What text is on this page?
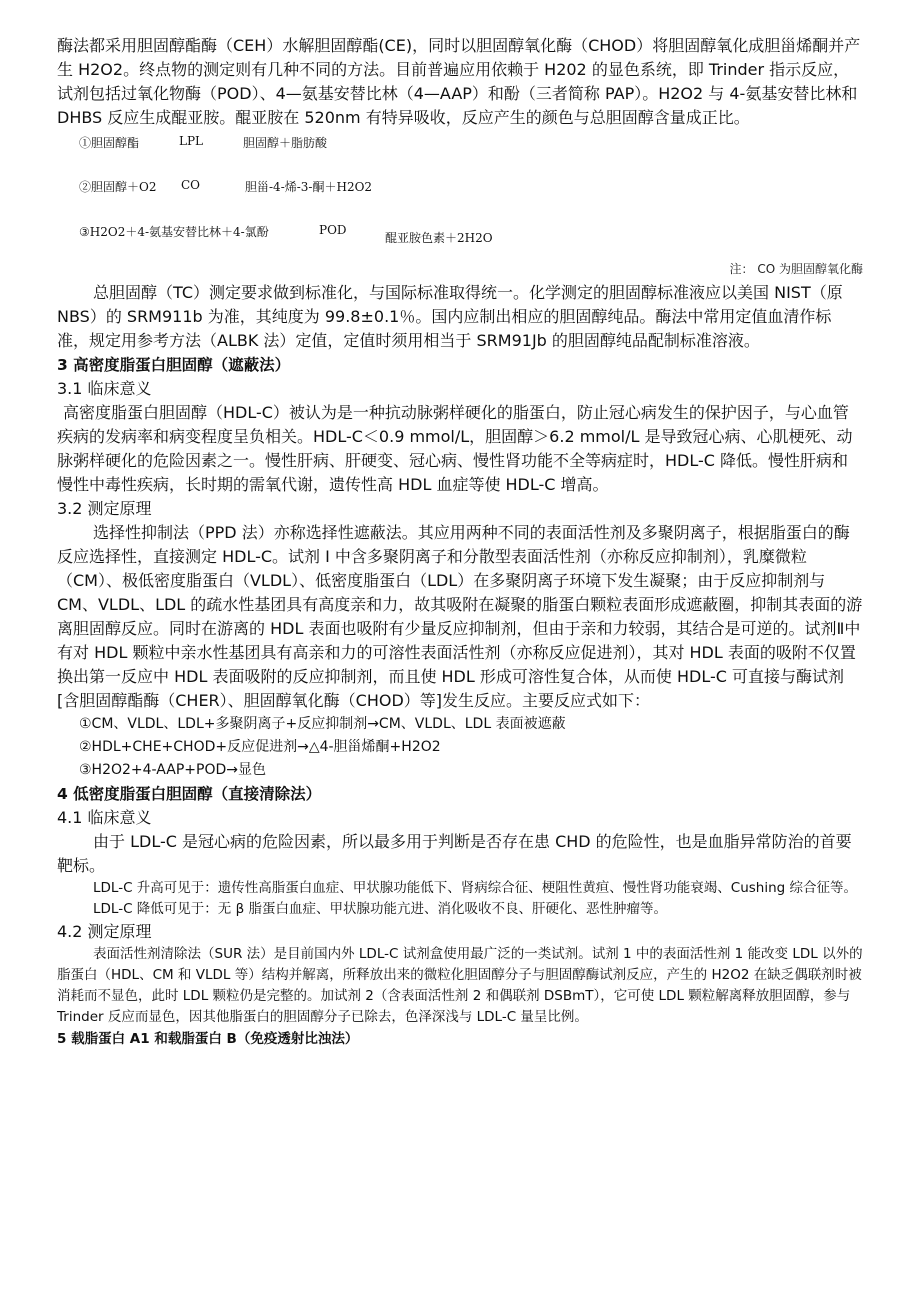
酶法都采用胆固醇酯酶（CEH）水解胆固醇酯(CE)，同时以胆固醇氧化酶（CHOD）将胆固醇氧化成胆甾烯酮并产生 H2O2。终点物的测定则有几种不同的方法。目前普遍应用依赖于 H202 的显色系统，即 Trinder 指示反应，试剂包括过氧化物酶（POD）、4—氨基安替比林（4—AAP）和酚（三者简称 PAP）。H2O2 与 4-氨基安替比林和 DHBS 反应生成醌亚胺。醌亚胺在 520nm 有特异吸收，反应产生的颜色与总胆固醇含量成正比。

①胆固醇酯	LPL	胆固醇＋脂肪酸
②胆固醇＋O2 CO	胆甾-4-烯-3-酮＋H2O2
③H2O2＋4-氨基安替比林＋4-氯酚	POD
醌亚胺色素＋2H2O
注： CO 为胆固醇氧化酶

总胆固醇（TC）测定要求做到标准化，与国际标准取得统一。化学测定的胆固醇标准液应以美国 NIST（原 NBS）的 SRM911b 为准，其纯度为 99.8±0.1％。国内应制出相应的胆固醇纯品。酶法中常用定值血清作标准，规定用参考方法（ALBK 法）定值，定值时须用相当于 SRM91Jb 的胆固醇纯品配制标准溶液。

3 高密度脂蛋白胆固醇（遮蔽法）
3.1 临床意义

高密度脂蛋白胆固醇（HDL-C）被认为是一种抗动脉粥样硬化的脂蛋白，防止冠心病发生的保护因子，与心血管疾病的发病率和病变程度呈负相关。HDL-C＜0.9 mmol/L，胆固醇＞6.2 mmol/L 是导致冠心病、心肌梗死、动脉粥样硬化的危险因素之一。慢性肝病、肝硬变、冠心病、慢性肾功能不全等病症时，HDL-C 降低。慢性肝病和慢性中毒性疾病，长时期的需氧代谢，遗传性高 HDL 血症等使 HDL-C 增高。

3.2 测定原理

选择性抑制法（PPD 法）亦称选择性遮蔽法。其应用两种不同的表面活性剂及多聚阴离子，根据脂蛋白的酶反应选择性，直接测定 HDL-C。试剂 I 中含多聚阴离子和分散型表面活性剂（亦称反应抑制剂），乳糜微粒（CM）、极低密度脂蛋白（VLDL）、低密度脂蛋白（LDL）在多聚阴离子环境下发生凝聚；由于反应抑制剂与 CM、VLDL、LDL 的疏水性基团具有高度亲和力，故其吸附在凝聚的脂蛋白颗粒表面形成遮蔽圈，抑制其表面的游离胆固醇反应。同时在游离的 HDL 表面也吸附有少量反应抑制剂，但由于亲和力较弱，其结合是可逆的。试剂Ⅱ中有对 HDL 颗粒中亲水性基团具有高亲和力的可溶性表面活性剂（亦称反应促进剂），其对 HDL 表面的吸附不仅置换出第一反应中 HDL 表面吸附的反应抑制剂，而且使 HDL 形成可溶性复合体，从而使 HDL-C 可直接与酶试剂[含胆固醇酯酶（CHER）、胆固醇氧化酶（CHOD）等]发生反应。主要反应式如下：

①CM、VLDL、LDL+多聚阴离子+反应抑制剂→CM、VLDL、LDL 表面被遮蔽
②HDL+CHE+CHOD+反应促进剂→△4-胆甾烯酮+H2O2
③H2O2+4-AAP+POD→显色
4 低密度脂蛋白胆固醇（直接清除法）
4.1 临床意义

由于 LDL-C 是冠心病的危险因素，所以最多用于判断是否存在患 CHD 的危险性，也是血脂异常防治的首要靶标。

LDL-C 升高可见于：遗传性高脂蛋白血症、甲状腺功能低下、肾病综合征、梗阻性黄疸、慢性肾功能衰竭、Cushing 综合征等。

LDL-C 降低可见于：无 β 脂蛋白血症、甲状腺功能亢进、消化吸收不良、肝硬化、恶性肿瘤等。

4.2 测定原理

表面活性剂清除法（SUR 法）是目前国内外 LDL-C 试剂盒使用最广泛的一类试剂。试剂 1 中的表面活性剂 1 能改变 LDL 以外的脂蛋白（HDL、CM 和 VLDL 等）结构并解离，所释放出来的微粒化胆固醇分子与胆固醇酶试剂反应，产生的 H2O2 在缺乏偶联剂时被消耗而不显色，此时 LDL 颗粒仍是完整的。加试剂 2（含表面活性剂 2 和偶联剂 DSBmT），它可使 LDL 颗粒解离释放胆固醇，参与 Trinder 反应而显色，因其他脂蛋白的胆固醇分子已除去，色泽深浅与 LDL-C 量呈比例。

5 载脂蛋白 A1 和载脂蛋白 B（免疫透射比浊法）
